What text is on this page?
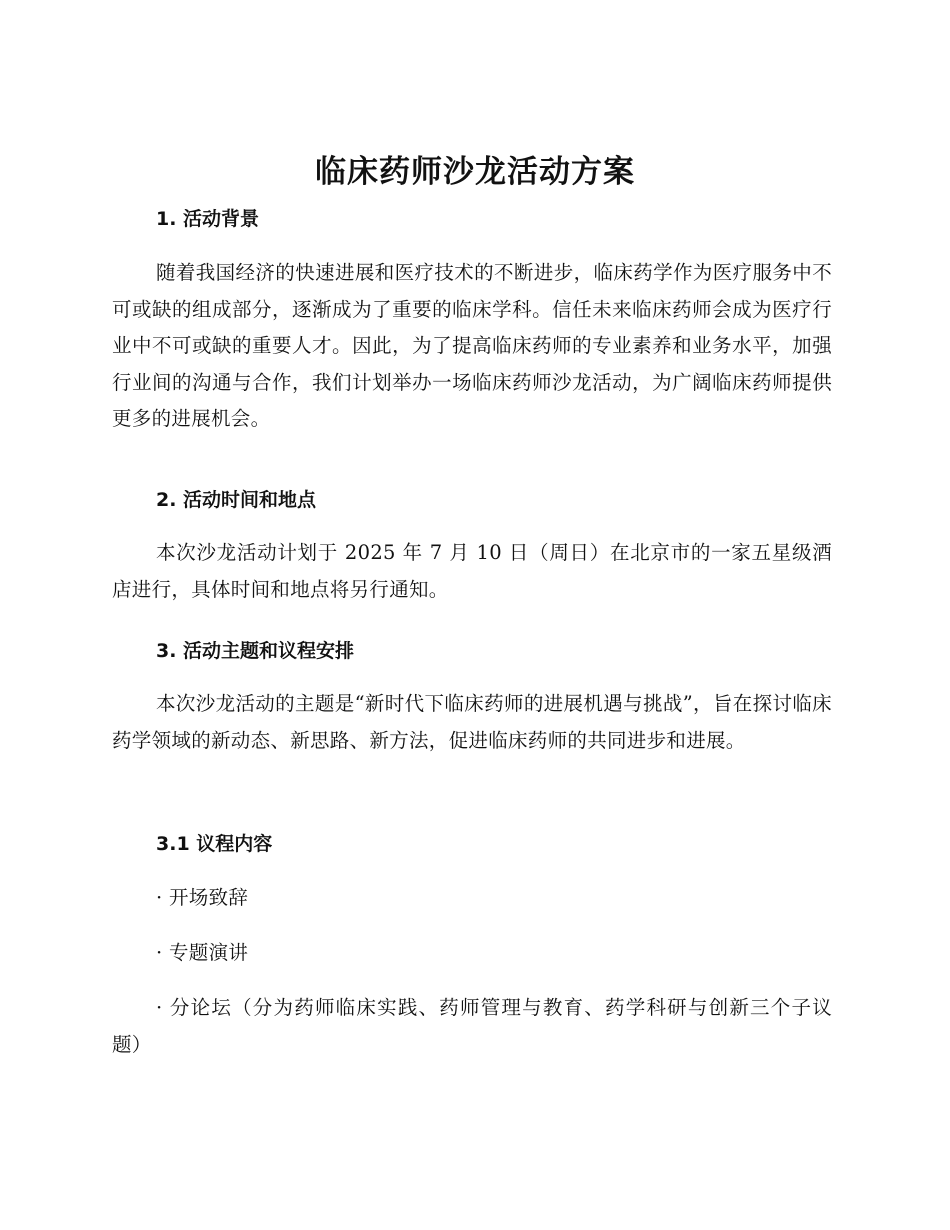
临床药师沙龙活动方案
1. 活动背景

随着我国经济的快速进展和医疗技术的不断进步，临床药学作为医疗服务中不可或缺的组成部分，逐渐成为了重要的临床学科。信任未来临床药师会成为医疗行业中不可或缺的重要人才。因此，为了提高临床药师的专业素养和业务水平，加强行业间的沟通与合作，我们计划举办一场临床药师沙龙活动，为广阔临床药师提供更多的进展机会。

2. 活动时间和地点

本次沙龙活动计划于 2025 年 7 月 10 日（周日）在北京市的一家五星级酒店进行，具体时间和地点将另行通知。

3. 活动主题和议程安排

本次沙龙活动的主题是“新时代下临床药师的进展机遇与挑战”，旨在探讨临床药学领域的新动态、新思路、新方法，促进临床药师的共同进步和进展。

3.1 议程内容

· 开场致辞

· 专题演讲

· 分论坛（分为药师临床实践、药师管理与教育、药学科研与创新三个子议题）
